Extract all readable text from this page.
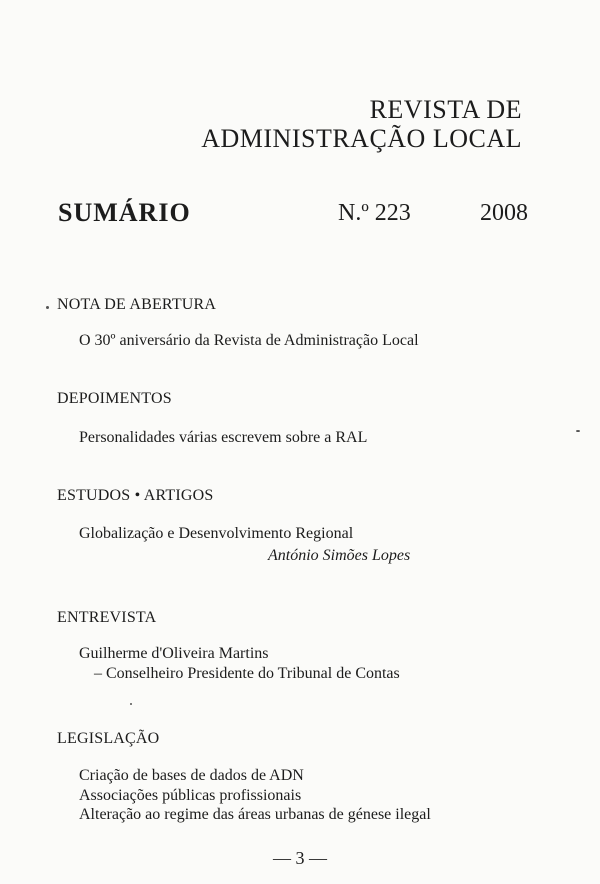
REVISTA DE
ADMINISTRAÇÃO LOCAL
SUMÁRIO	N.º 223	2008
NOTA DE ABERTURA
O 30º aniversário da Revista de Administração Local
DEPOIMENTOS
Personalidades várias escrevem sobre a RAL
ESTUDOS • ARTIGOS
Globalização e Desenvolvimento Regional
António Simões Lopes
ENTREVISTA
Guilherme d'Oliveira Martins
– Conselheiro Presidente do Tribunal de Contas
LEGISLAÇÃO
Criação de bases de dados de ADN
Associações públicas profissionais
Alteração ao regime das áreas urbanas de génese ilegal
— 3 —
